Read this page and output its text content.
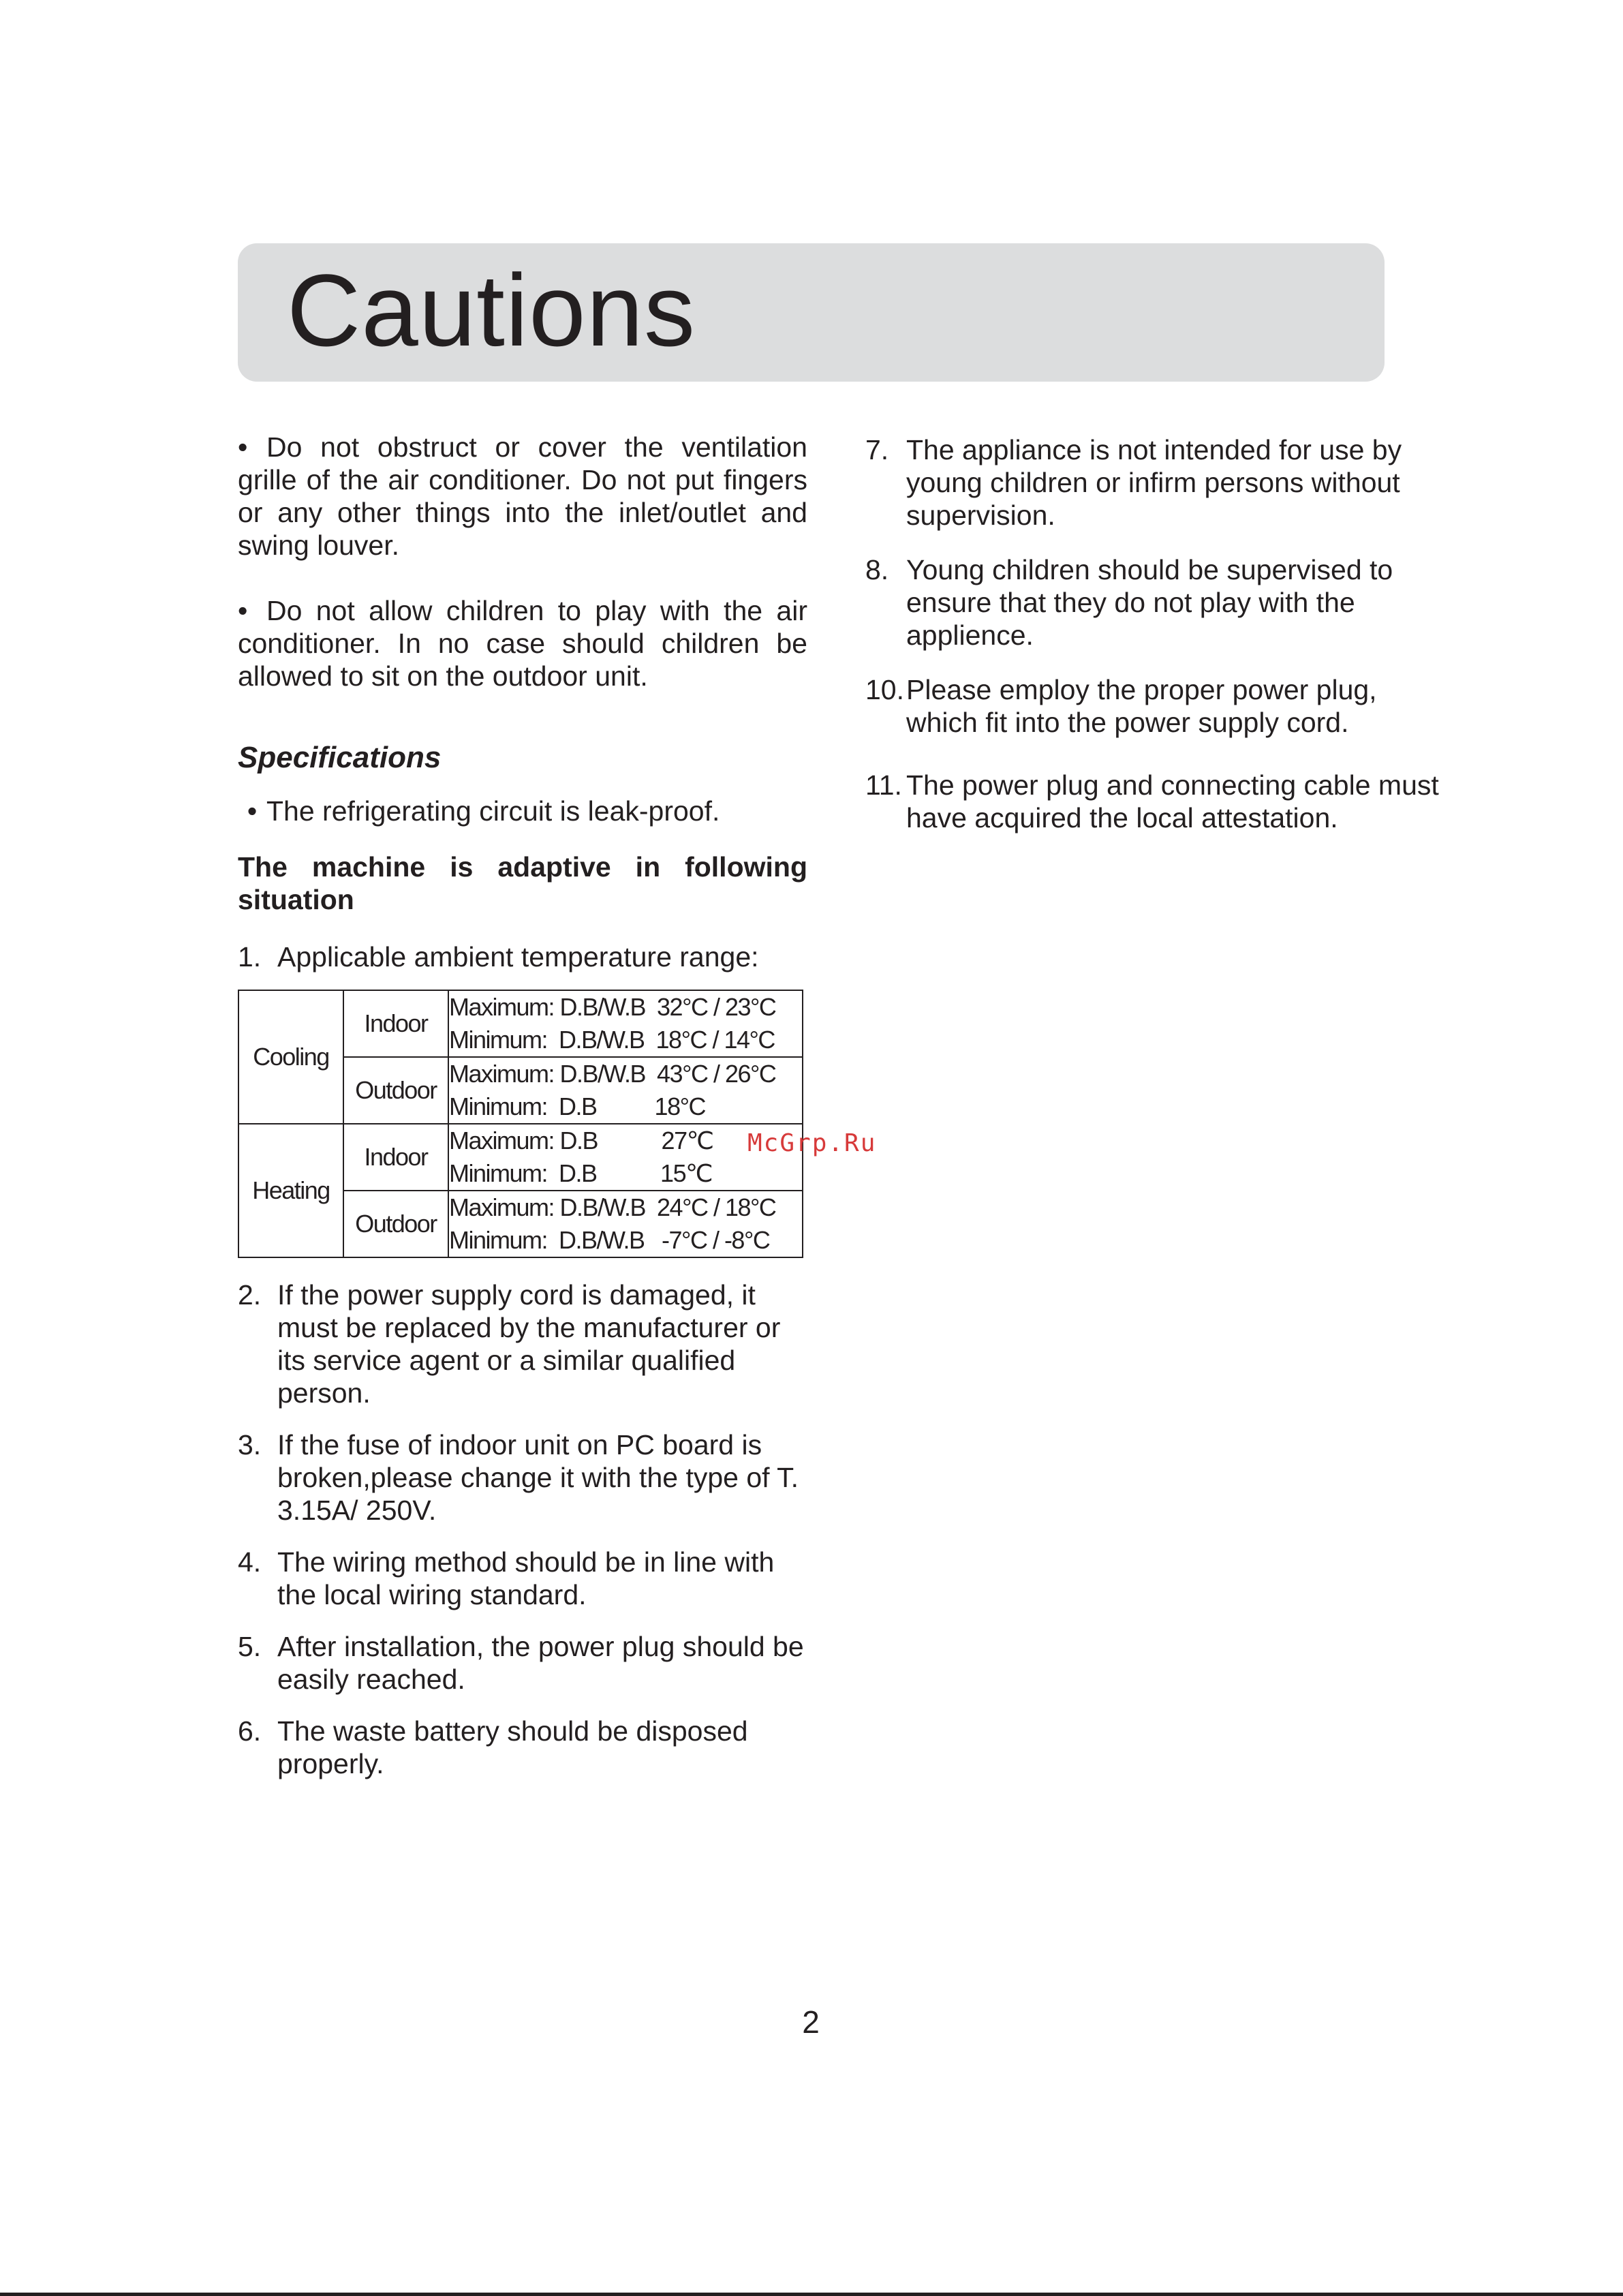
Cautions

• Do not obstruct or cover the ventilation grille of the air conditioner. Do not put fingers or any other things into the inlet/outlet and swing louver.

• Do not allow children to play with the air conditioner. In no case should children be allowed to sit on the outdoor unit.

Specifications

• The refrigerating circuit is leak-proof.

The machine is adaptive in following situation

1. Applicable ambient temperature range:
Cooling	Indoor	Maximum: D.B/W.B  32°C / 23°C
Minimum:  D.B/W.B  18°C / 14°C

	Outdoor	Maximum: D.B/W.B  43°C / 26°C
Minimum:  D.B          18°C

Heating	Indoor	Maximum: D.B           27℃
Minimum:  D.B           15℃

	Outdoor	Maximum: D.B/W.B  24°C / 18°C
Minimum:  D.B/W.B   -7°C / -8°C
2. If the power supply cord is damaged, it must be replaced by the manufacturer or its service agent or a similar qualified person.
3. If the fuse of indoor unit on PC board is broken,please change it with the type of T. 3.15A/ 250V.
4. The wiring method should be in line with the local wiring standard.
5. After installation, the power plug should be easily reached.
6. The waste battery should be disposed properly.
7. The appliance is not intended for use by young children or infirm persons without supervision.
8. Young children should be supervised to ensure that they do not play with the applience.
10. Please employ the proper power plug, which fit into the power supply cord.
11. The power plug and connecting cable must have acquired the local attestation.
McGrp.Ru
2
